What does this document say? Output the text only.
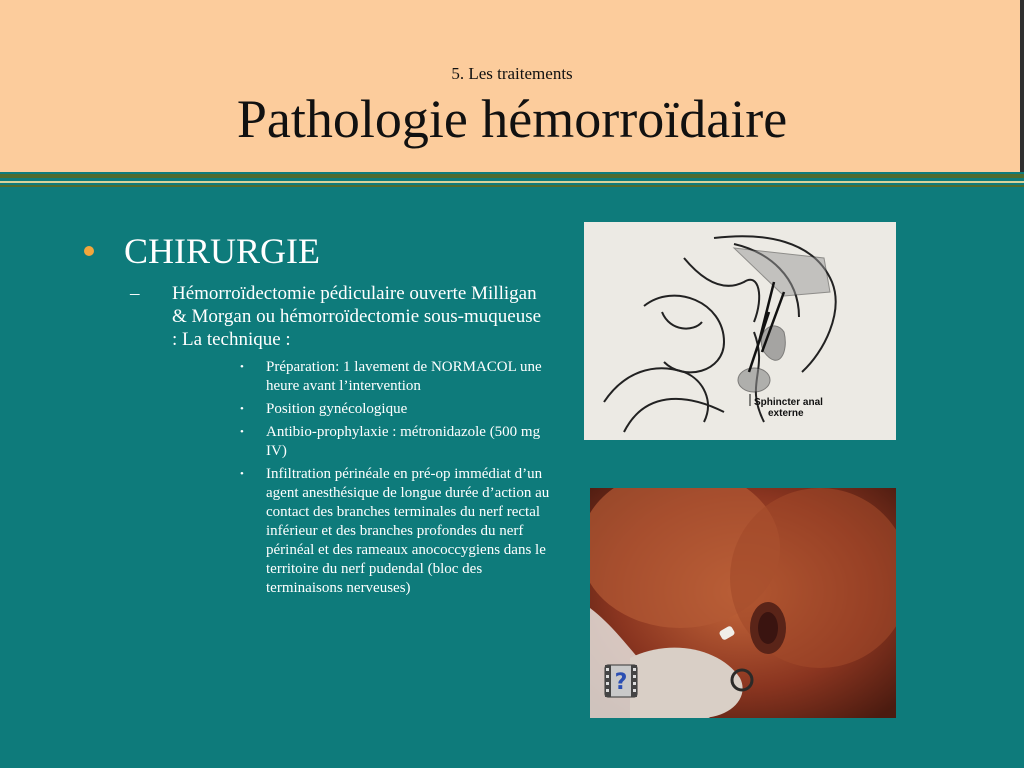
5. Les traitements
Pathologie hémorroïdaire
CHIRURGIE
– Hémorroïdectomie pédiculaire ouverte Milligan & Morgan ou hémorroïdectomie sous-muqueuse : La technique :
• Préparation: 1 lavement de NORMACOL une heure avant l’intervention
• Position gynécologique
• Antibio-prophylaxie : métronidazole (500 mg IV)
• Infiltration périnéale en pré-op immédiat d’un agent anesthésique de longue durée d’action au contact des branches terminales du nerf rectal inférieur et des branches profondes du nerf périnéal et des rameaux anococcygiens dans le territoire du nerf pudendal (bloc des terminaisons nerveuses)
Sphincter anal
externe
?
